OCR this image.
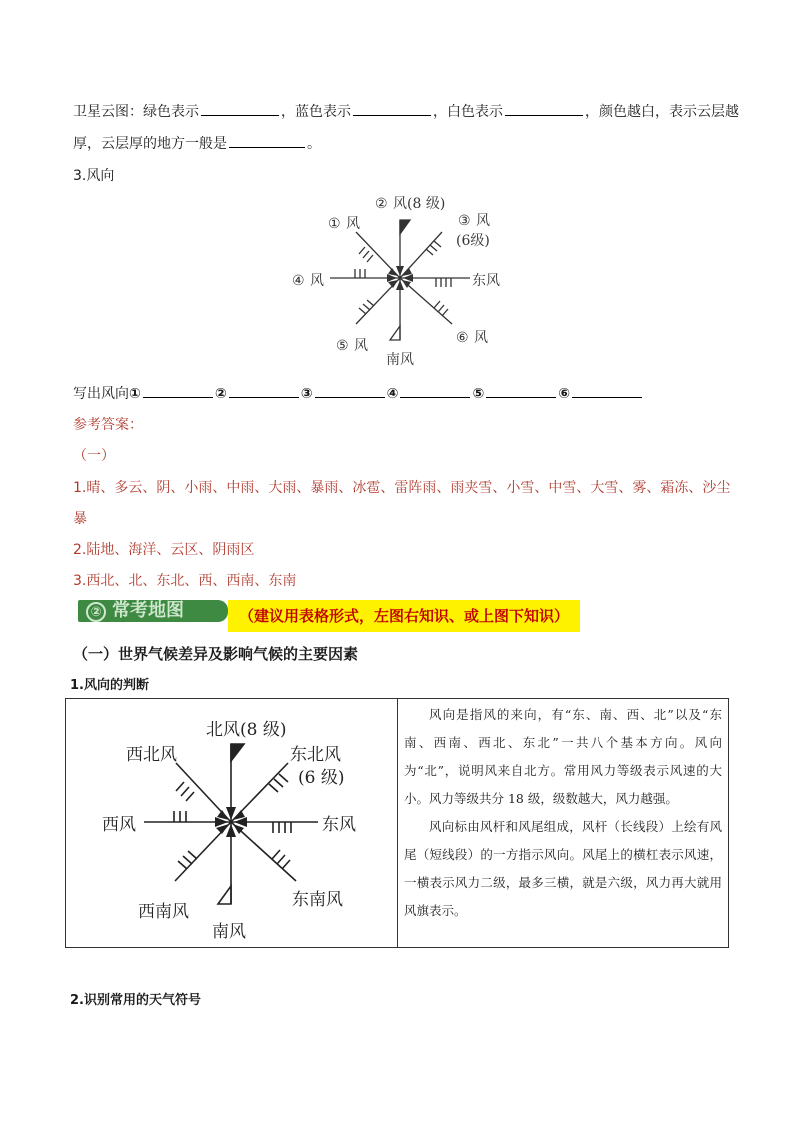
卫星云图：绿色表示	，蓝色表示	，白色表示	，颜色越白，表示云层越
厚，云层厚的地方一般是	。
3.风向
① 风
② 风(8 级)
③ 风
(6级)
④ 风	东风
⑤ 风	⑥ 风
南风
写出风向①	②	③	④	⑤	⑥
参考答案：
（一）
1.晴、多云、阴、小雨、中雨、大雨、暴雨、冰雹、雷阵雨、雨夹雪、小雪、中雪、大雪、雾、霜冻、沙尘
暴
2.陆地、海洋、云区、阴雨区
3.西北、北、东北、西、西南、东南
② 常考地图	（建议用表格形式，左图右知识、或上图下知识）
（一）世界气候差异及影响气候的主要因素
1.风向的判断
北风(8 级)
西北风	东北风
(6 级)
西风	东风
西南风
东南风
南风

风向是指风的来向，有“东、南、西、北”以及“东南、西南、西北、东北”一共八个基本方向。风向为“北”，说明风来自北方。常用风力等级表示风速的大小。风力等级共分 18 级，级数越大，风力越强。

风向标由风杆和风尾组成，风杆（长线段）上绘有风尾（短线段）的一方指示风向。风尾上的横杠表示风速，一横表示风力二级，最多三横，就是六级，风力再大就用风旗表示。

2.识别常用的天气符号
